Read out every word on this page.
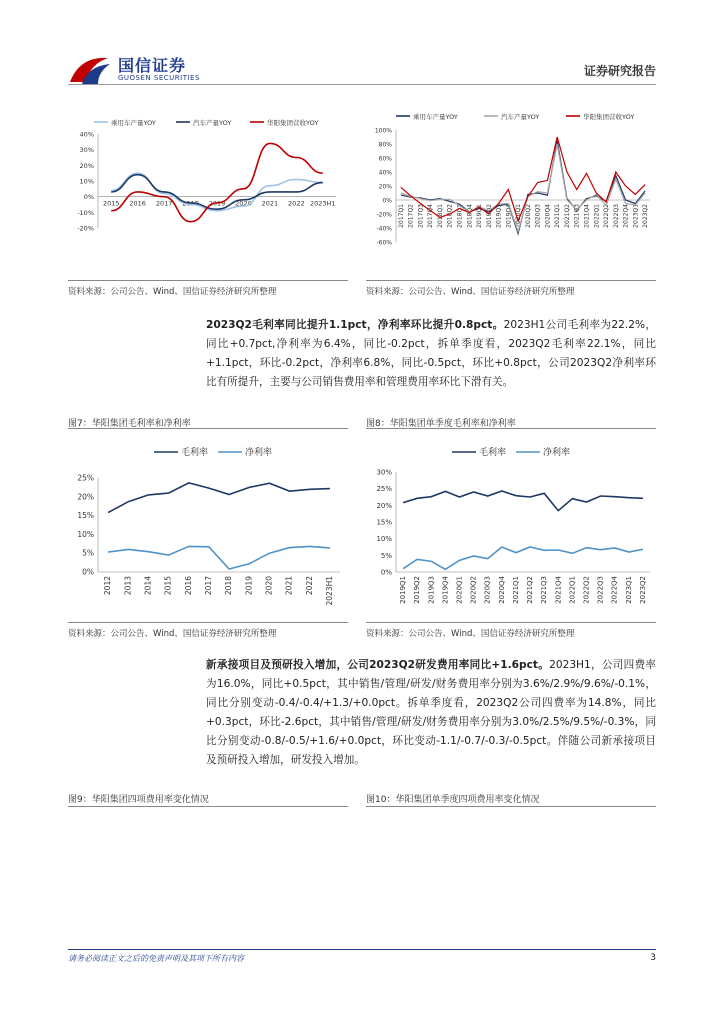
国信证券
GUOSEN SECURITIES	证券研究报告
-20%
-10%
0%
10%
20%
30%
40%
2015 2016 2017 2018 2019 2020 2021 2022 2023H1
乘用车产量YOY	汽车产量YOY	华阳集团营收YOY
-60%
-40%
-20%
0%
20%
40%
60%
80%
100%
2017Q1 2017Q2 2017Q3 2017Q4 2018Q1 2018Q2 2018Q3 2018Q4 2019Q1 2019Q2 2019Q3 2019Q4 2020Q1 2020Q2 2020Q3 2020Q4 2021Q1 2021Q2 2021Q3 2021Q4 2022Q1 2022Q2 2022Q3 2022Q4 2023Q1 2023Q2
乘用车产量YOY	汽车产量YOY	华阳集团营收YOY
资料来源：公司公告、Wind、国信证券经济研究所整理	资料来源：公司公告、Wind、国信证券经济研究所整理
2023Q2毛利率同比提升1.1pct，净利率环比提升0.8pct。2023H1公司毛利率为22.2%，同比+0.7pct,净利率为6.4%，同比-0.2pct，拆单季度看，2023Q2毛利率22.1%，同比+1.1pct，环比-0.2pct，净利率6.8%，同比-0.5pct，环比+0.8pct，公司2023Q2净利率环比有所提升，主要与公司销售费用率和管理费用率环比下滑有关。
图7：华阳集团毛利率和净利率	图8：华阳集团单季度毛利率和净利率
0%
5%
10%
15%
20%
25%
2012 2013 2014 2015 2016 2017 2018 2019 2020 2021 2022 2023H1
毛利率	净利率
0%
5%
10%
15%
20%
25%
30%
2019Q1 2019Q2 2019Q3 2019Q4 2020Q1 2020Q2 2020Q3 2020Q4 2021Q1 2021Q2 2021Q3 2021Q4 2022Q1 2022Q2 2022Q3 2022Q4 2023Q1 2023Q2
毛利率	净利率
资料来源：公司公告、Wind、国信证券经济研究所整理	资料来源：公司公告、Wind、国信证券经济研究所整理
新承接项目及预研投入增加，公司2023Q2研发费用率同比+1.6pct。2023H1，公司四费率为16.0%，同比+0.5pct，其中销售/管理/研发/财务费用率分别为3.6%/2.9%/9.6%/-0.1%，同比分别变动-0.4/-0.4/+1.3/+0.0pct。拆单季度看，2023Q2公司四费率为14.8%，同比+0.3pct，环比-2.6pct，其中销售/管理/研发/财务费用率分别为3.0%/2.5%/9.5%/-0.3%，同比分别变动-0.8/-0.5/+1.6/+0.0pct，环比变动-1.1/-0.7/-0.3/-0.5pct。伴随公司新承接项目及预研投入增加，研发投入增加。
图9：华阳集团四项费用率变化情况	图10：华阳集团单季度四项费用率变化情况
请务必阅读正文之后的免责声明及其项下所有内容	3
